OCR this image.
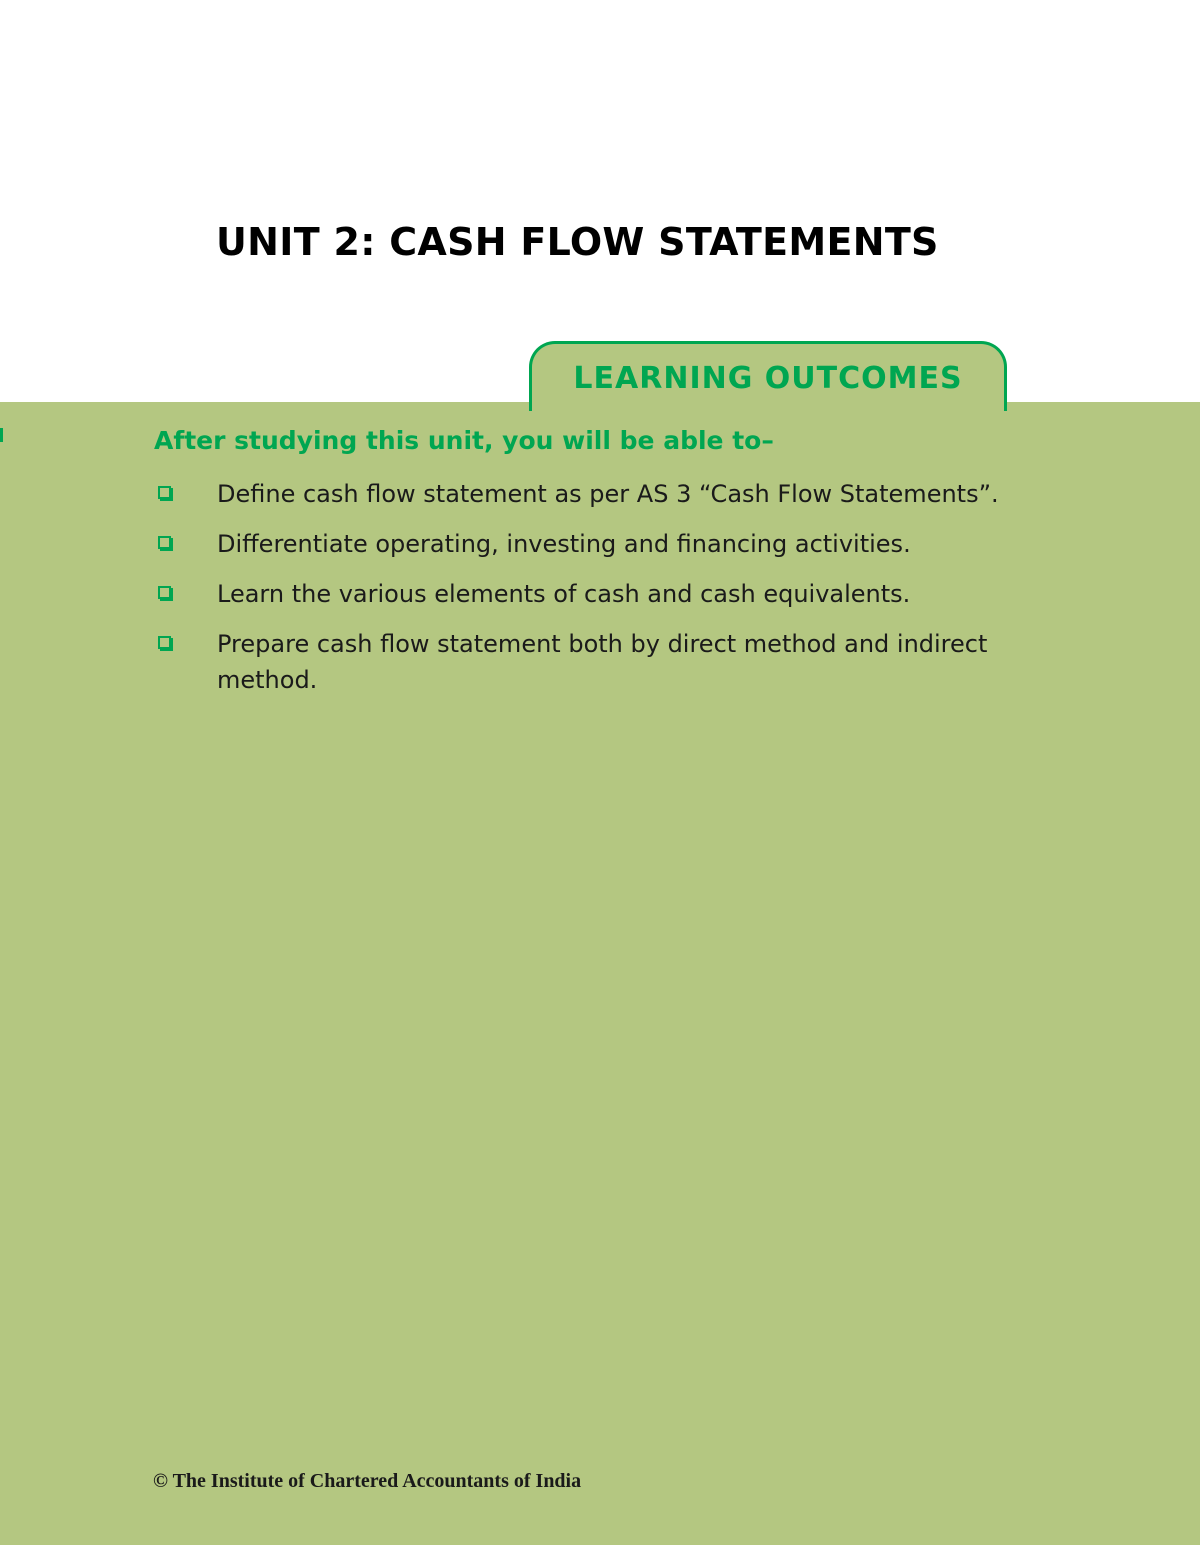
UNIT 2: CASH FLOW STATEMENTS
LEARNING OUTCOMES
After studying this unit, you will be able to–
Define cash flow statement as per AS 3 “Cash Flow Statements”.
Differentiate operating, investing and financing activities.
Learn the various elements of cash and cash equivalents.
Prepare cash flow statement both by direct method and indirect method.
© The Institute of Chartered Accountants of India
